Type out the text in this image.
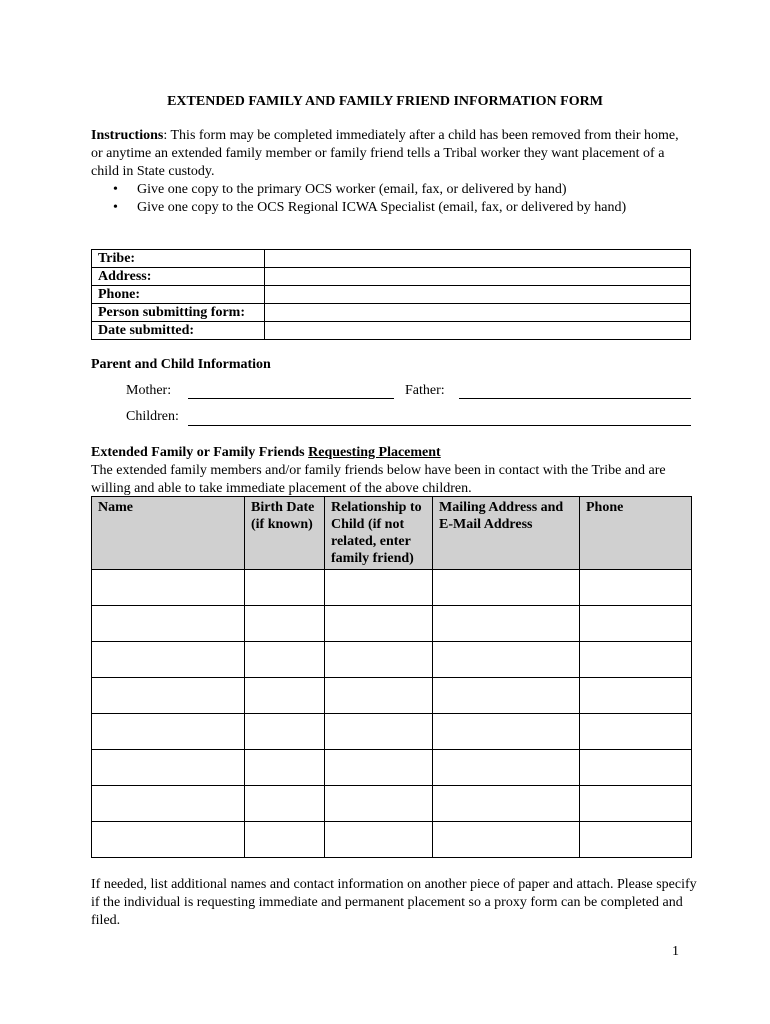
EXTENDED FAMILY AND FAMILY FRIEND INFORMATION FORM
Instructions: This form may be completed immediately after a child has been removed from their home, or anytime an extended family member or family friend tells a Tribal worker they want placement of a child in State custody.
• Give one copy to the primary OCS worker (email, fax, or delivered by hand)
• Give one copy to the OCS Regional ICWA Specialist (email, fax, or delivered by hand)
Tribe:	
Address:	
Phone:	
Person submitting form:	
Date submitted:	
Parent and Child Information
Mother:	Father:
Children:
Extended Family or Family Friends Requesting Placement
The extended family members and/or family friends below have been in contact with the Tribe and are willing and able to take immediate placement of the above children.
Name	Birth Date (if known)	Relationship to Child (if not related, enter family friend)	Mailing Address and E-Mail Address	Phone

If needed, list additional names and contact information on another piece of paper and attach. Please specify if the individual is requesting immediate and permanent placement so a proxy form can be completed and filed.
1
